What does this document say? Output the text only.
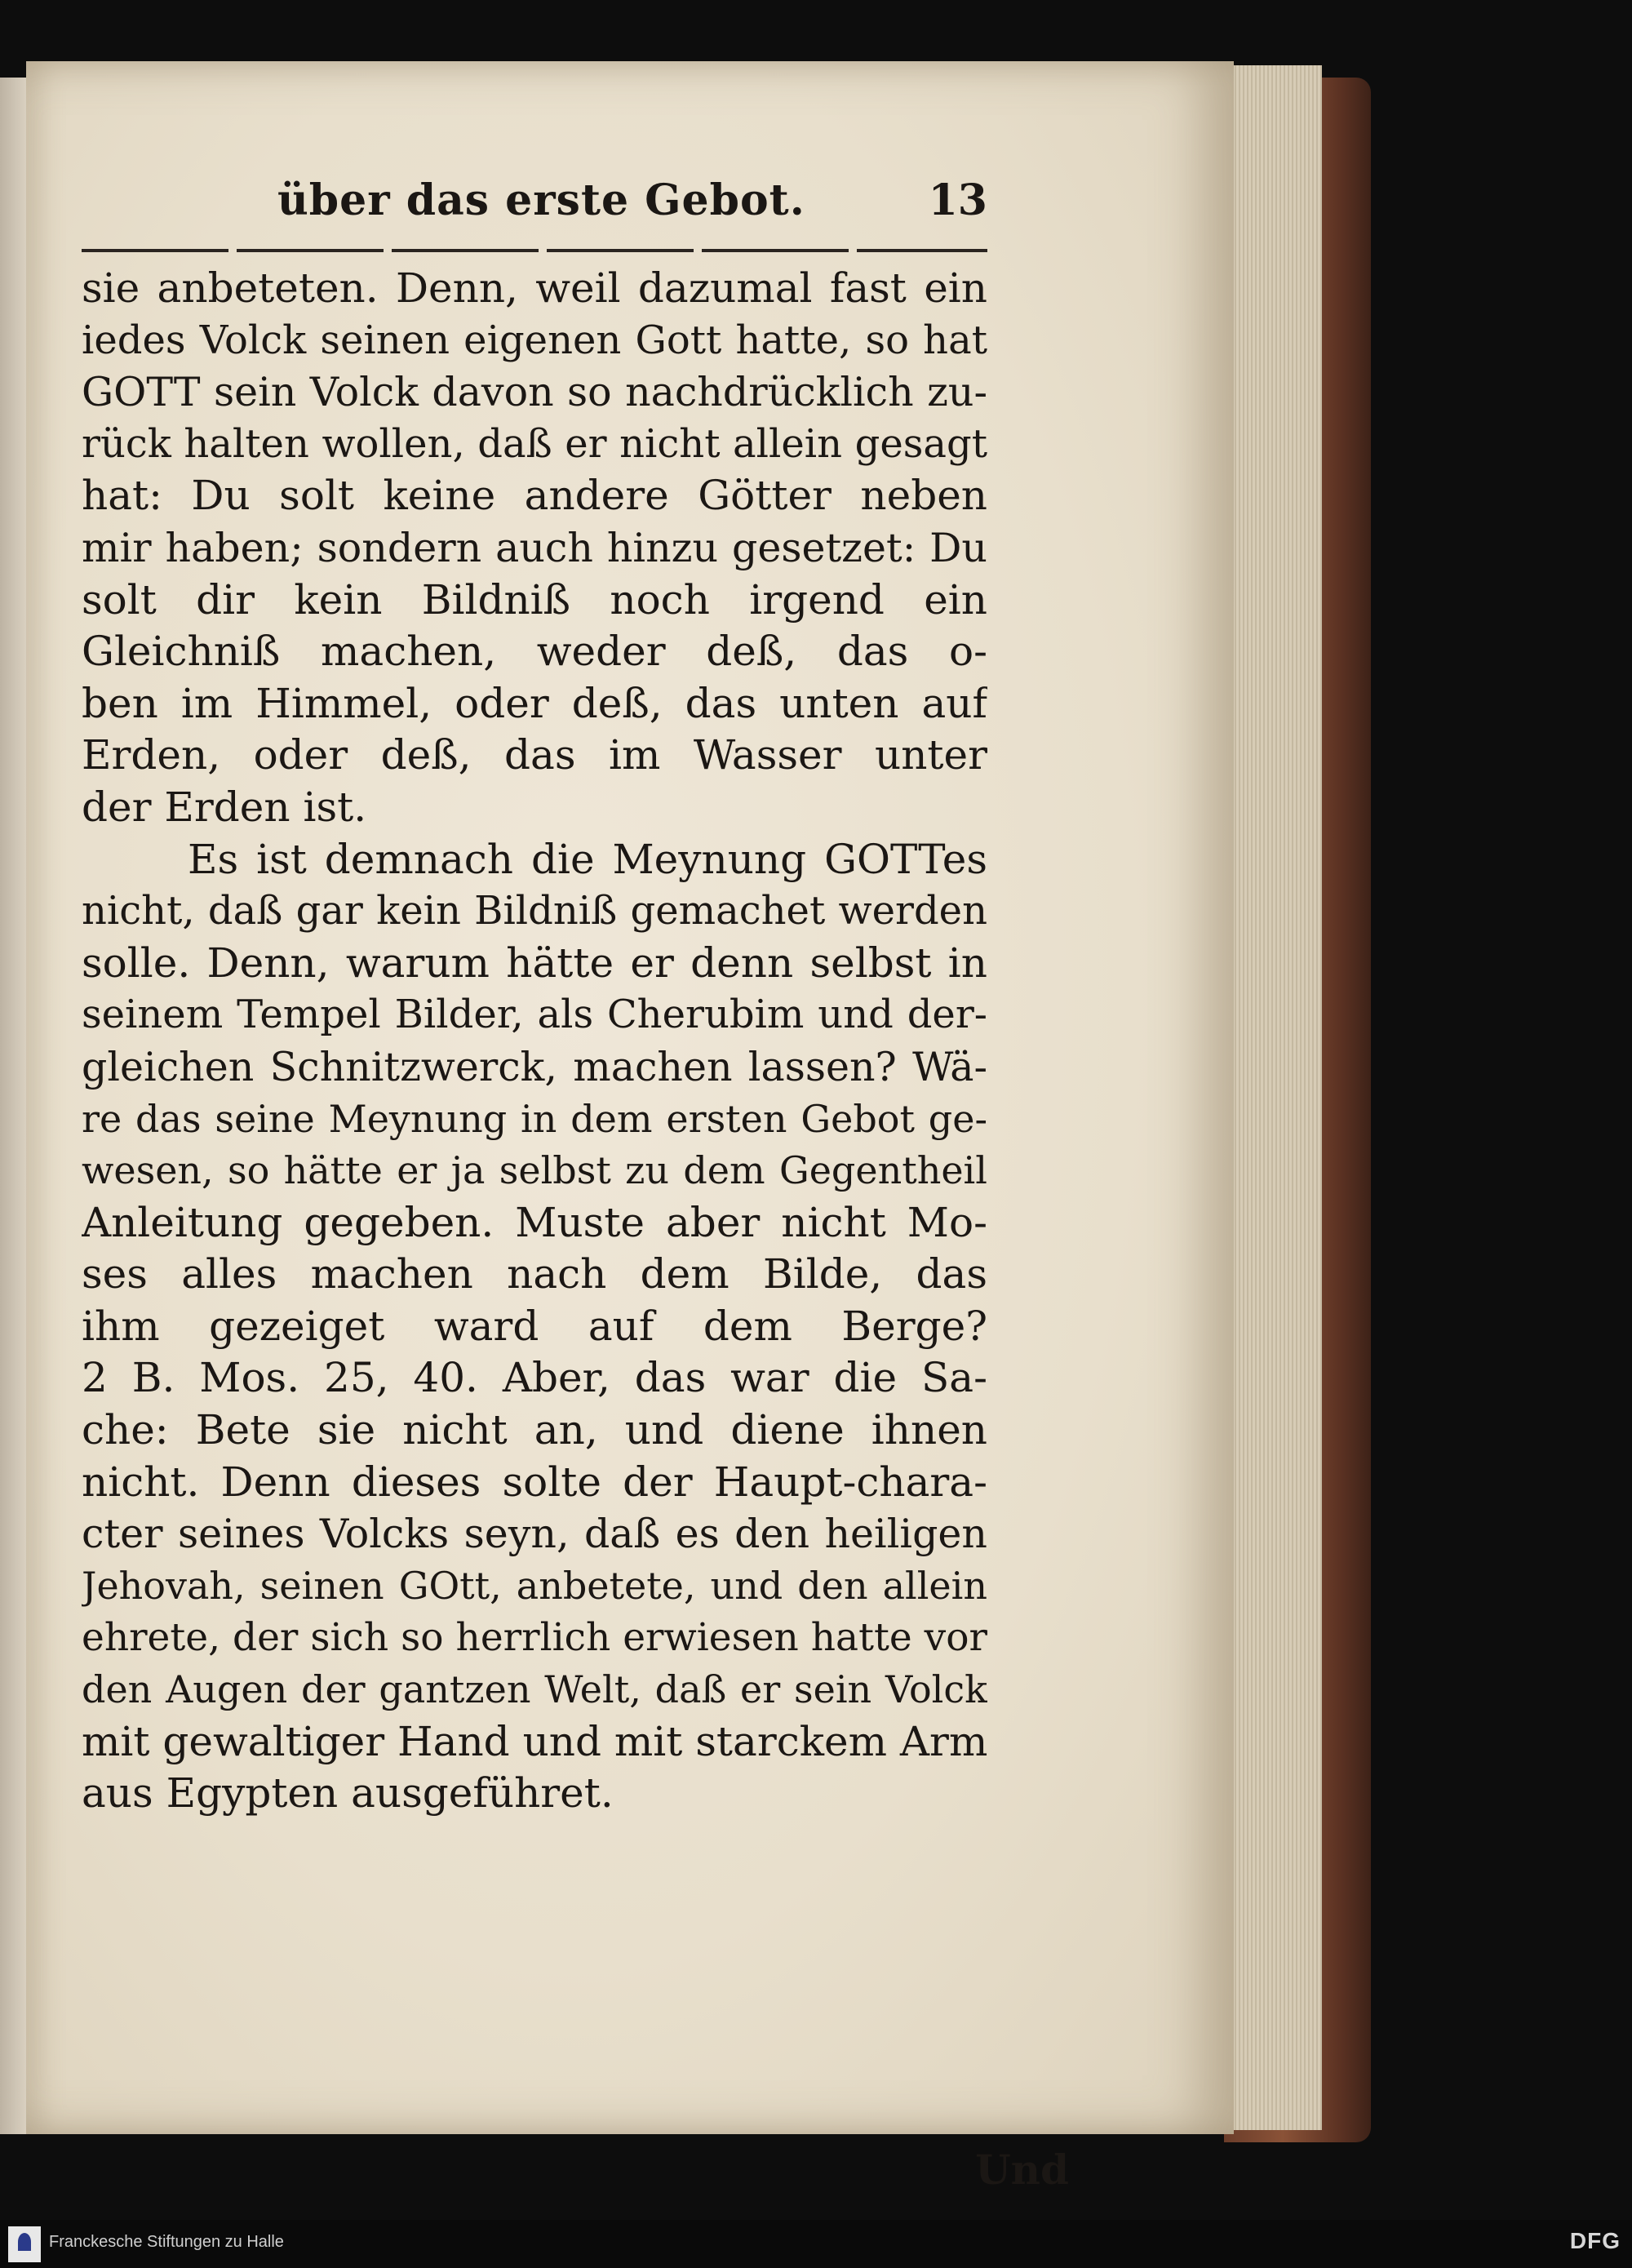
über das erste Gebot.	13
sie anbeteten. Denn, weil dazumal fast ein
iedes Volck seinen eigenen Gott hatte, so hat
GOTT sein Volck davon so nachdrücklich zu-
rück halten wollen, daß er nicht allein gesagt
hat: Du solt keine andere Götter neben
mir haben; sondern auch hinzu gesetzet: Du
solt dir kein Bildniß noch irgend ein
Gleichniß machen, weder deß, das o-
ben im Himmel, oder deß, das unten auf
Erden, oder deß, das im Wasser unter
der Erden ist.
Es ist demnach die Meynung GOTTes
nicht, daß gar kein Bildniß gemachet werden
solle. Denn, warum hätte er denn selbst in
seinem Tempel Bilder, als Cherubim und der-
gleichen Schnitzwerck, machen lassen? Wä-
re das seine Meynung in dem ersten Gebot ge-
wesen, so hätte er ja selbst zu dem Gegentheil
Anleitung gegeben. Muste aber nicht Mo-
ses alles machen nach dem Bilde, das
ihm gezeiget ward auf dem Berge?
2 B. Mos. 25, 40. Aber, das war die Sa-
che: Bete sie nicht an, und diene ihnen
nicht. Denn dieses solte der Haupt-chara-
cter seines Volcks seyn, daß es den heiligen
Jehovah, seinen GOtt, anbetete, und den allein
ehrete, der sich so herrlich erwiesen hatte vor
den Augen der gantzen Welt, daß er sein Volck
mit gewaltiger Hand und mit starckem Arm
aus Egypten ausgeführet.
Und
Franckesche Stiftungen zu Halle	DFG
